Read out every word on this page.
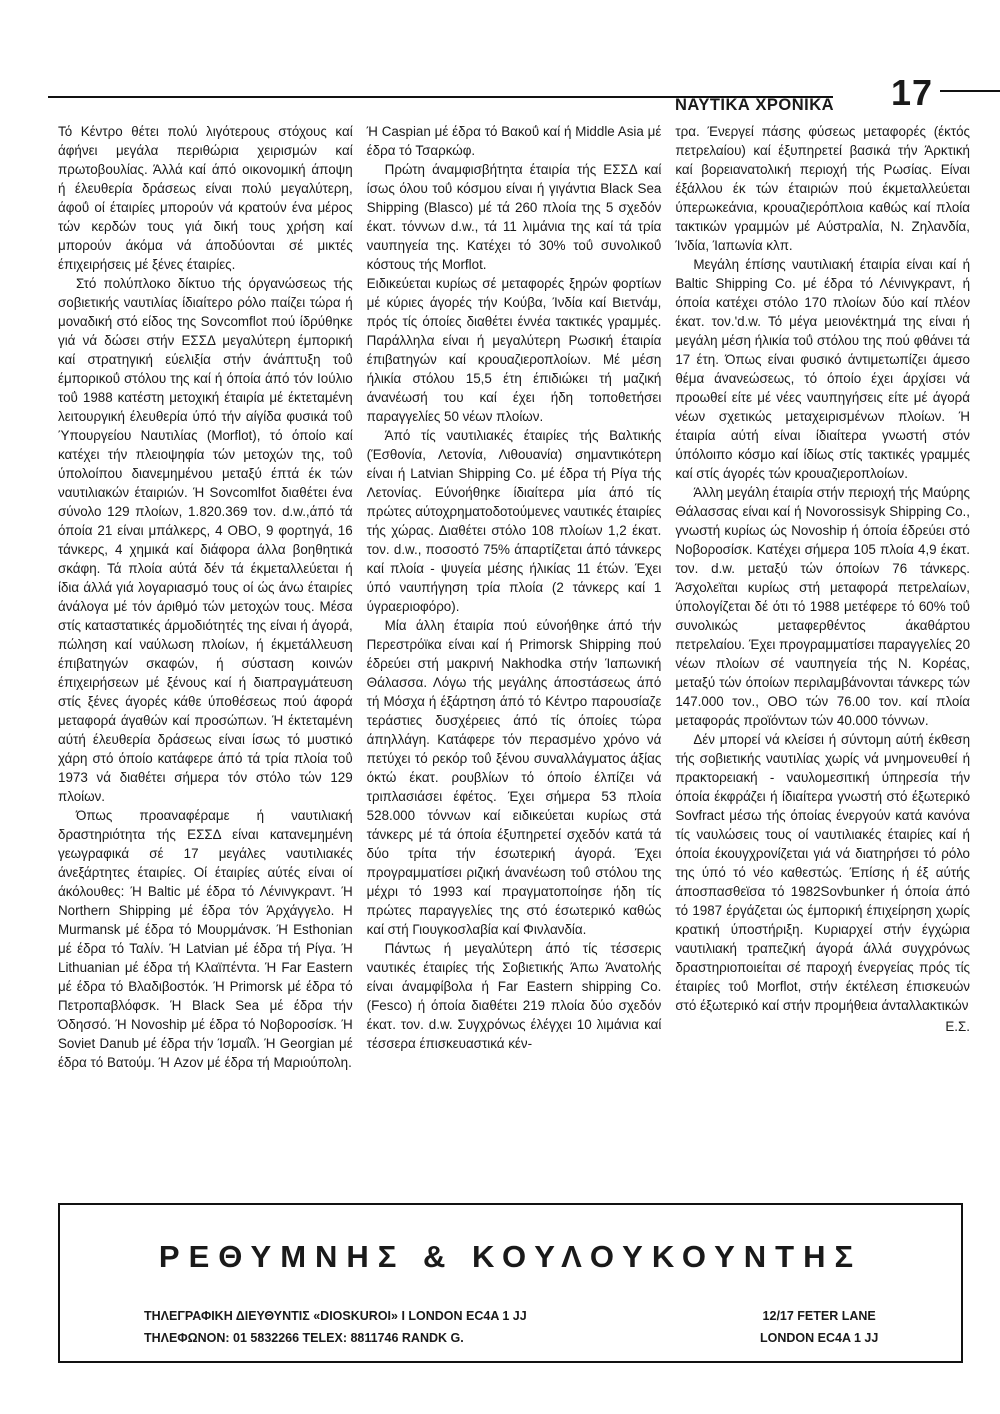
ΝΑΥΤΙΚΑ ΧΡΟΝΙΚΑ 17

Τό Κέντρο θέτει πολύ λιγότερους στόχους καί άφήνει μεγάλα περιθώρια χειρισμών καί πρωτοβουλίας. Άλλά καί άπό οικονομική άποψη ή έλευθερία δράσεως είναι πολύ μεγαλύτερη, άφοΰ οί έταιρίες μπορούν νά κρατούν ένα μέρος τών κερδών τους γιά δική τους χρήση καί μπορούν άκόμα νά άποδύονται σέ μικτές έπιχειρήσεις μέ ξένες έταιρίες.

Στό πολύπλοκο δίκτυο τής όργανώσεως τής σοβιετικής ναυτιλίας ίδιαίτερο ρόλο παίζει τώρα ή μοναδική στό είδος της Sovcomflot πού ίδρύθηκε γιά νά δώσει στήν ΕΣΣΔ μεγαλύτερη έμπορική καί στρατηγική εύελιξία στήν άνάπτυξη τοΰ έμπορικοΰ στόλου της καί ή όποία άπό τόν Ιούλιο τοΰ 1988 κατέστη μετοχική έταιρία μέ έκτεταμένη λειτουργική έλευθερία ύπό τήν αίγίδα φυσικά τοΰ Ύπουργείου Ναυτιλίας (Morflot), τό όποίο καί κατέχει τήν πλειοψηφία τών μετοχών της, τοΰ ύπολοίπου διανεμημένου μεταξύ έπτά έκ τών ναυτιλιακών έταιριών. Ή Sovcomlfot διαθέτει ένα σύνολο 129 πλοίων, 1.820.369 τον. d.w.,άπό τά όποία 21 είναι μπάλκερς, 4 OBO, 9 φορτηγά, 16 τάνκερς, 4 χημικά καί διάφορα άλλα βοηθητικά σκάφη. Τά πλοία αύτά δέν τά έκμεταλλεύεται ή ίδια άλλά γιά λογαριασμό τους οί ώς άνω έταιρίες άνάλογα μέ τόν άριθμό τών μετοχών τους. Μέσα στίς καταστατικές άρμοδιότητές της είναι ή άγορά, πώληση καί ναύλωση πλοίων, ή έκμετάλλευση έπιβατηγών σκαφών, ή σύσταση κοινών έπιχειρήσεων μέ ξένους καί ή διαπραγμάτευση στίς ξένες άγορές κάθε ύποθέσεως πού άφορά μεταφορά άγαθών καί προσώπων. Ή έκτεταμένη αύτή έλευθερία δράσεως είναι ίσως τό μυστικό χάρη στό όποίο κατάφερε άπό τά τρία πλοία τοΰ 1973 νά διαθέτει σήμερα τόν στόλο τών 129 πλοίων.

Όπως προαναφέραμε ή ναυτιλιακή δραστηριότητα τής ΕΣΣΔ είναι κατανεμημένη γεωγραφικά σέ 17 μεγάλες ναυτιλιακές άνεξάρτητες έταιρίες. Οί έταιρίες αύτές είναι οί άκόλουθες: Ή Baltic μέ έδρα τό Λένινγκραντ. Ή Northern Shipping μέ έδρα τόν Άρχάγγελο. Η Murmansk μέ έδρα τό Μουρμάνσκ. Ή Esthonian μέ έδρα τό Ταλίν. Ή Latvian μέ έδρα τή Ρίγα. Ή Lithuanian μέ έδρα τή Κλαϊπέντα. Ή Far Eastern μέ έδρα τό Βλαδιβοστόκ. Ή Primorsk μέ έδρα τό Πετροπαβλόφσκ. Ή Black Sea μέ έδρα τήν Όδησσό. Ή Novoship μέ έδρα τό Νοβοροσίσκ. Ή Soviet Danub μέ έδρα τήν Ίσμαΐλ. Ή Georgian μέ έδρα τό Βατούμ. Ή Azov μέ έδρα τή Μαριούπολη.

Ή Caspian μέ έδρα τό Βακοΰ καί ή Middle Asia μέ έδρα τό Τσαρκώφ.

Πρώτη άναμφισβήτητα έταιρία τής ΕΣΣΔ καί ίσως όλου τοΰ κόσμου είναι ή γιγάντια Black Sea Shipping (Blasco) μέ τά 260 πλοία της 5 σχεδόν έκατ. τόννων d.w., τά 11 λιμάνια της καί τά τρία ναυπηγεία της. Κατέχει τό 30% τοΰ συνολικοΰ κόστους τής Morflot.

Ειδικεύεται κυρίως σέ μεταφορές ξηρών φορτίων μέ κύριες άγορές τήν Κούβα, Ίνδία καί Βιετνάμ, πρός τίς όποίες διαθέτει έννέα τακτικές γραμμές. Παράλληλα είναι ή μεγαλύτερη Ρωσική έταιρία έπιβατηγών καί κρουαζιεροπλοίων. Μέ μέση ήλικία στόλου 15,5 έτη έπιδιώκει τή μαζική άνανέωσή του καί έχει ήδη τοποθετήσει παραγγελίες 50 νέων πλοίων.

Άπό τίς ναυτιλιακές έταιρίες τής Βαλτικής (Έσθονία, Λετονία, Λιθουανία) σημαντικότερη είναι ή Latvian Shipping Co. μέ έδρα τή Ρίγα τής Λετονίας. Εύνοήθηκε ίδιαίτερα μία άπό τίς πρώτες αύτοχρηματοδοτούμενες ναυτικές έταιρίες τής χώρας. Διαθέτει στόλο 108 πλοίων 1,2 έκατ. τον. d.w., ποσοστό 75% άπαρτίζεται άπό τάνκερς καί πλοία - ψυγεία μέσης ήλικίας 11 έτών. Έχει ύπό ναυπήγηση τρία πλοία (2 τάνκερς καί 1 ύγραεριοφόρο).

Μία άλλη έταιρία πού εύνοήθηκε άπό τήν Περεστρόϊκα είναι καί ή Primorsk Shipping πού έδρεύει στή μακρινή Nakhodka στήν Ίαπωνική Θάλασσα. Λόγω τής μεγάλης άποστάσεως άπό τή Μόσχα ή έξάρτηση άπό τό Κέντρο παρουσίαζε τεράστιες δυσχέρειες άπό τίς όποίες τώρα άπηλλάγη. Κατάφερε τόν περασμένο χρόνο νά πετύχει τό ρεκόρ τοΰ ξένου συναλλάγματος άξίας όκτώ έκατ. ρουβλίων τό όποίο έλπίζει νά τριπλασιάσει έφέτος. Έχει σήμερα 53 πλοία 528.000 τόννων καί ειδικεύεται κυρίως στά τάνκερς μέ τά όποία έξυπηρετεί σχεδόν κατά τά δύο τρίτα τήν έσωτερική άγορά. Έχει προγραμματίσει ριζική άνανέωση τοΰ στόλου της μέχρι τό 1993 καί πραγματοποίησε ήδη τίς πρώτες παραγγελίες της στό έσωτερικό καθώς καί στή Γιουγκοσλαβία καί Φινλανδία.

Πάντως ή μεγαλύτερη άπό τίς τέσσερις ναυτικές έταιρίες τής Σοβιετικής Άπω Άνατολής είναι άναμφίβολα ή Far Eastern shipping Co. (Fesco) ή όποία διαθέτει 219 πλοία δύο σχεδόν έκατ. τον. d.w. Συγχρόνως έλέγχει 10 λιμάνια καί τέσσερα έπισκευαστικά κέν-

τρα. Ένεργεί πάσης φύσεως μεταφορές (έκτός πετρελαίου) καί έξυπηρετεί βασικά τήν Άρκτική καί βορειανατολική περιοχή τής Ρωσίας. Είναι έξάλλου έκ τών έταιριών πού έκμεταλλεύεται ύπερωκεάνια, κρουαζιερόπλοια καθώς καί πλοία τακτικών γραμμών μέ Αύστραλία, Ν. Ζηλανδία, Ίνδία, Ίαπωνία κλπ.

Μεγάλη έπίσης ναυτιλιακή έταιρία είναι καί ή Baltic Shipping Co. μέ έδρα τό Λένινγκραντ, ή όποία κατέχει στόλο 170 πλοίων δύο καί πλέον έκατ. τον.'d.w. Τό μέγα μειονέκτημά της είναι ή μεγάλη μέση ήλικία τοΰ στόλου της πού φθάνει τά 17 έτη. Όπως είναι φυσικό άντιμετωπίζει άμεσο θέμα άνανεώσεως, τό όποίο έχει άρχίσει νά προωθεί είτε μέ νέες ναυπηγήσεις είτε μέ άγορά νέων σχετικώς μεταχειρισμένων πλοίων. Ή έταιρία αύτή είναι ίδιαίτερα γνωστή στόν ύπόλοιπο κόσμο καί ίδίως στίς τακτικές γραμμές καί στίς άγορές τών κρουαζιεροπλοίων.

Άλλη μεγάλη έταιρία στήν περιοχή τής Μαύρης Θάλασσας είναι καί ή Novorossisyk Shipping Co., γνωστή κυρίως ώς Novoship ή όποία έδρεύει στό Νοβοροσίσκ. Κατέχει σήμερα 105 πλοία 4,9 έκατ. τον. d.w. μεταξύ τών όποίων 76 τάνκερς. Άσχολεϊται κυρίως στή μεταφορά πετρελαίων, ύπολογίζεται δέ ότι τό 1988 μετέφερε τό 60% τοΰ συνολικώς μεταφερθέντος άκαθάρτου πετρελαίου. Έχει προγραμματίσει παραγγελίες 20 νέων πλοίων σέ ναυπηγεία τής Ν. Κορέας, μεταξύ τών όποίων περιλαμβάνονται τάνκερς τών 147.000 τον., OBO τών 76.00 τον. καί πλοία μεταφοράς προϊόντων τών 40.000 τόννων.

Δέν μπορεί νά κλείσει ή σύντομη αύτή έκθεση τής σοβιετικής ναυτιλίας χωρίς νά μνημονευθεί ή πρακτορειακή - ναυλομεσιτική ύπηρεσία τήν όποία έκφράζει ή ίδιαίτερα γνωστή στό έξωτερικό Sovfract μέσω τής όποίας ένεργούν κατά κανόνα τίς ναυλώσεις τους οί ναυτιλιακές έταιρίες καί ή όποία έκουγχρονίζεται γιά νά διατηρήσει τό ρόλο της ύπό τό νέο καθεστώς. Έπίσης ή έξ αύτής άποσπασθεϊσα τό 1982Sovbunker ή όποία άπό τό 1987 έργάζεται ώς έμπορική έπιχείρηση χωρίς κρατική ύποστήριξη. Κυριαρχεί στήν έγχώρια ναυτιλιακή τραπεζική άγορά άλλά συγχρόνως δραστηριοποιείται σέ παροχή ένεργείας πρός τίς έταιρίες τοΰ Morflot, στήν έκτέλεση έπισκευών στό έξωτερικό καί στήν προμήθεια άνταλλακτικών

Ε.Σ.
ΡΕΘΥΜΝΗΣ & ΚΟΥΛΟΥΚΟΥΝΤΗΣ
ΤΗΛΕΓΡΑΦΙΚΗ ΔΙΕΥΘΥΝΤΙΣ «DIOSKUROI» I LONDON EC4A 1 JJ
ΤΗΛΕΦΩΝΟΝ: 01 5832266 TELEX: 8811746 RANDK G.
12/17 FETER LANE
LONDON EC4A 1 JJ
